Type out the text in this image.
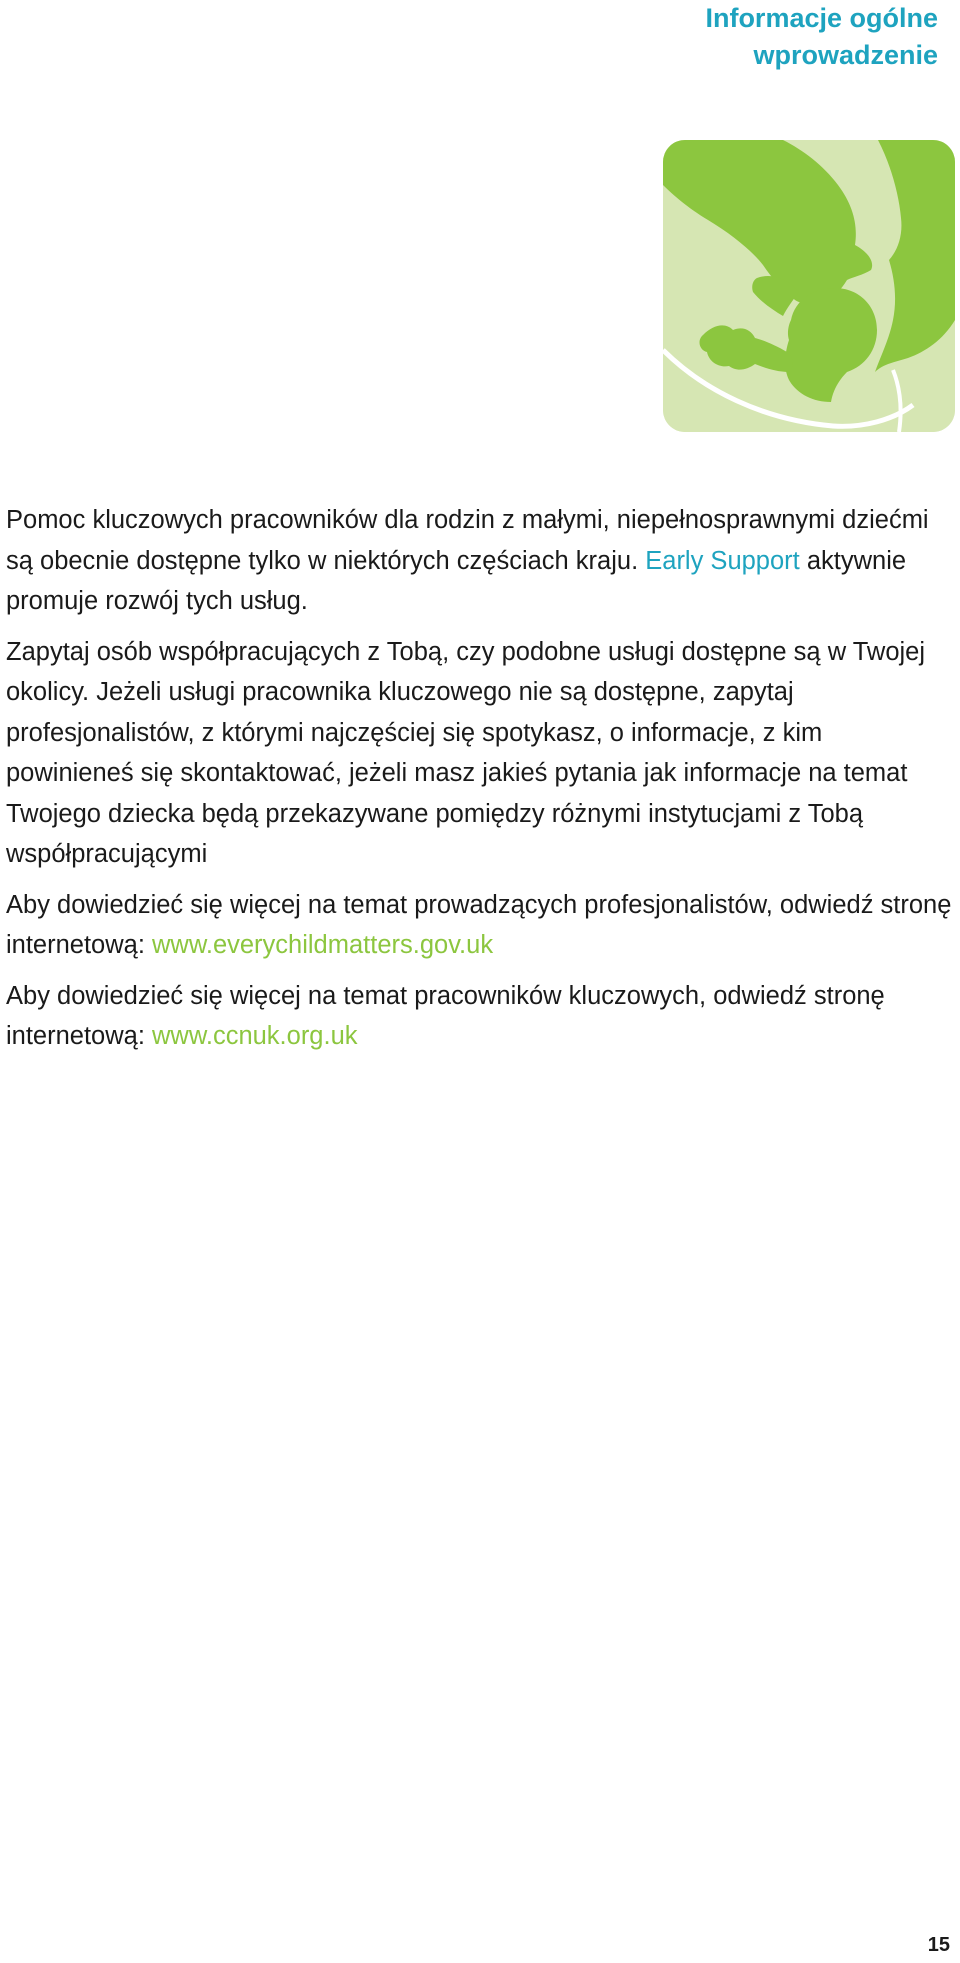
Informacje ogólne
wprowadzenie

Pomoc kluczowych pracowników dla rodzin z małymi, niepełnosprawnymi dziećmi są obecnie dostępne tylko w niektórych częściach kraju. Early Support aktywnie promuje rozwój tych usług.

Zapytaj osób współpracujących z Tobą, czy podobne usługi dostępne są w Twojej okolicy. Jeżeli usługi pracownika kluczowego nie są dostępne, zapytaj profesjonalistów, z którymi najczęściej się spotykasz, o informacje, z kim powinieneś się skontaktować, jeżeli masz jakieś pytania jak informacje na temat Twojego dziecka będą przekazywane pomiędzy różnymi instytucjami z Tobą współpracującymi

Aby dowiedzieć się więcej na temat prowadzących profesjonalistów, odwiedź stronę internetową: www.everychildmatters.gov.uk

Aby dowiedzieć się więcej na temat pracowników kluczowych, odwiedź stronę internetową: www.ccnuk.org.uk

15
